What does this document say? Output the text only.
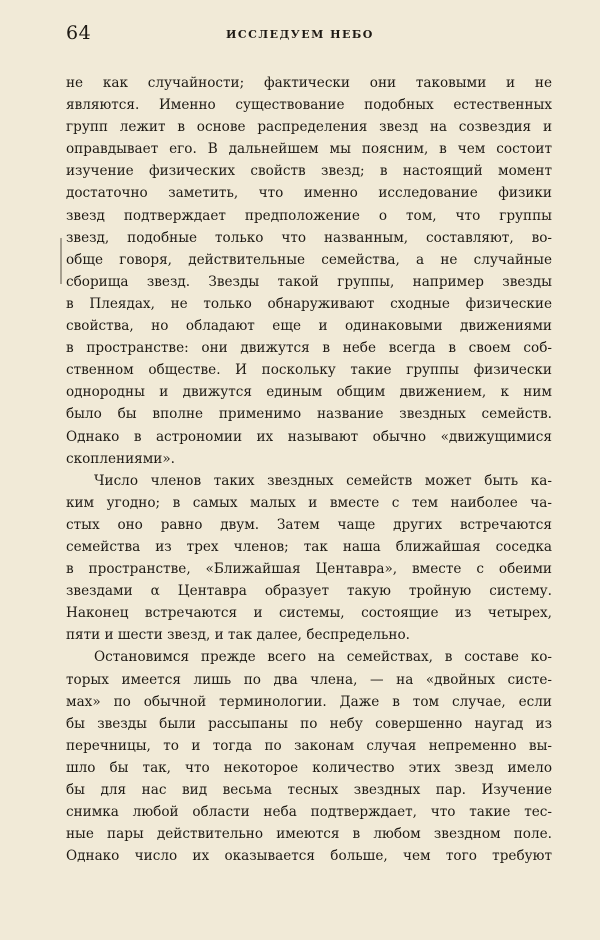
64	ИССЛЕДУЕМ НЕБО
не как случайности; фактически они таковыми и не
являются. Именно существование подобных естественных
групп лежит в основе распределения звезд на созвездия и
оправдывает его. В дальнейшем мы поясним, в чем состоит
изучение физических свойств звезд; в настоящий момент
достаточно заметить, что именно исследование физики
звезд подтверждает предположение о том, что группы
звезд, подобные только что названным, составляют, во-
обще говоря, действительные семейства, а не случайные
сборища звезд. Звезды такой группы, например звезды
в Плеядах, не только обнаруживают сходные физические
свойства, но обладают еще и одинаковыми движениями
в пространстве: они движутся в небе всегда в своем соб-
ственном обществе. И поскольку такие группы физически
однородны и движутся единым общим движением, к ним
было бы вполне применимо название звездных семейств.
Однако в астрономии их называют обычно «движущимися
скоплениями».
Число членов таких звездных семейств может быть ка-
ким угодно; в самых малых и вместе с тем наиболее ча-
стых оно равно двум. Затем чаще других встречаются
семейства из трех членов; так наша ближайшая соседка
в пространстве, «Ближайшая Центавра», вместе с обеими
звездами α Центавра образует такую тройную систему.
Наконец встречаются и системы, состоящие из четырех,
пяти и шести звезд, и так далее, беспредельно.
Остановимся прежде всего на семействах, в составе ко-
торых имеется лишь по два члена, — на «двойных систе-
мах» по обычной терминологии. Даже в том случае, если
бы звезды были рассыпаны по небу совершенно наугад из
перечницы, то и тогда по законам случая непременно вы-
шло бы так, что некоторое количество этих звезд имело
бы для нас вид весьма тесных звездных пар. Изучение
снимка любой области неба подтверждает, что такие тес-
ные пары действительно имеются в любом звездном поле.
Однако число их оказывается больше, чем того требуют
